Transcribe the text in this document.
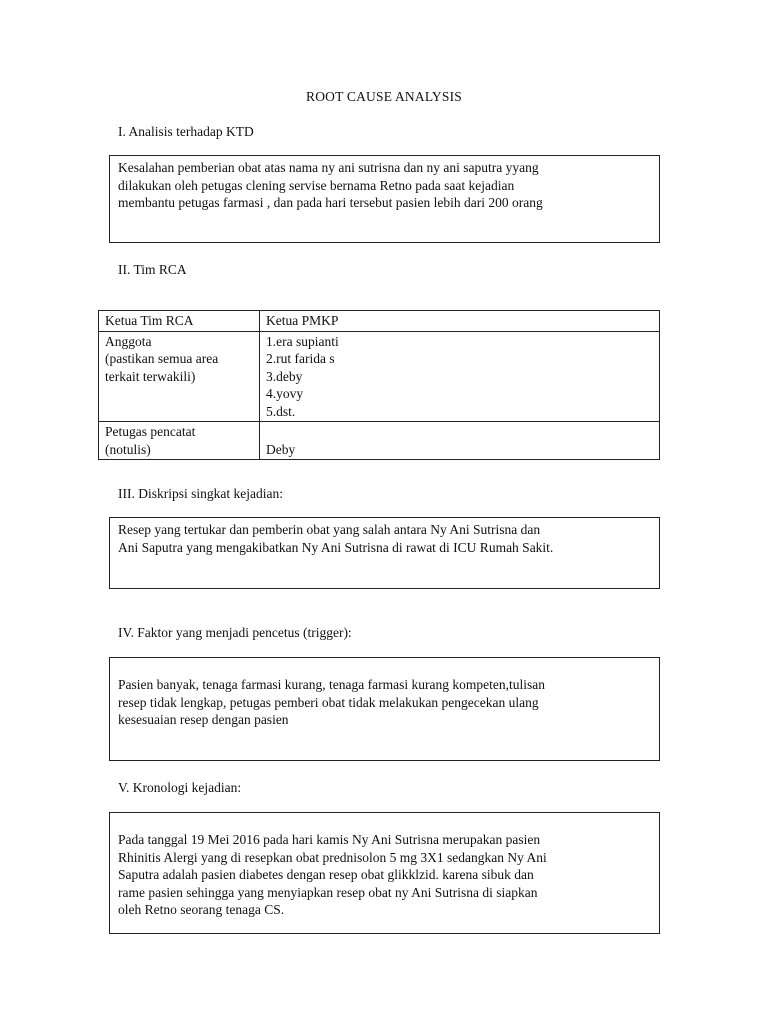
ROOT CAUSE ANALYSIS
I. Analisis terhadap KTD
Kesalahan pemberian obat atas nama ny ani sutrisna dan ny ani saputra yyang
dilakukan oleh petugas clening servise bernama Retno pada saat kejadian
membantu petugas farmasi , dan pada hari tersebut pasien lebih dari 200 orang
II. Tim RCA
Ketua Tim RCA	Ketua PMKP

Anggota
(pastikan semua area
terkait terwakili)	1.era supianti
2.rut farida s
3.deby
4.yovy
5.dst.

Petugas pencatat
(notulis)	Deby
III. Diskripsi singkat kejadian:
Resep yang tertukar dan pemberin obat yang salah antara Ny Ani Sutrisna dan
Ani Saputra yang mengakibatkan Ny Ani Sutrisna di rawat di ICU Rumah Sakit.
IV. Faktor yang menjadi pencetus (trigger):
Pasien banyak, tenaga farmasi kurang, tenaga farmasi kurang kompeten,tulisan
resep tidak lengkap, petugas pemberi obat tidak melakukan pengecekan ulang
kesesuaian resep dengan pasien
V. Kronologi kejadian:
Pada tanggal 19 Mei 2016 pada hari kamis Ny Ani Sutrisna merupakan pasien
Rhinitis Alergi yang di resepkan obat prednisolon 5 mg 3X1 sedangkan Ny Ani
Saputra adalah pasien diabetes dengan resep obat glikklzid. karena sibuk dan
rame pasien sehingga yang menyiapkan resep obat ny Ani Sutrisna di siapkan
oleh Retno seorang tenaga CS.
